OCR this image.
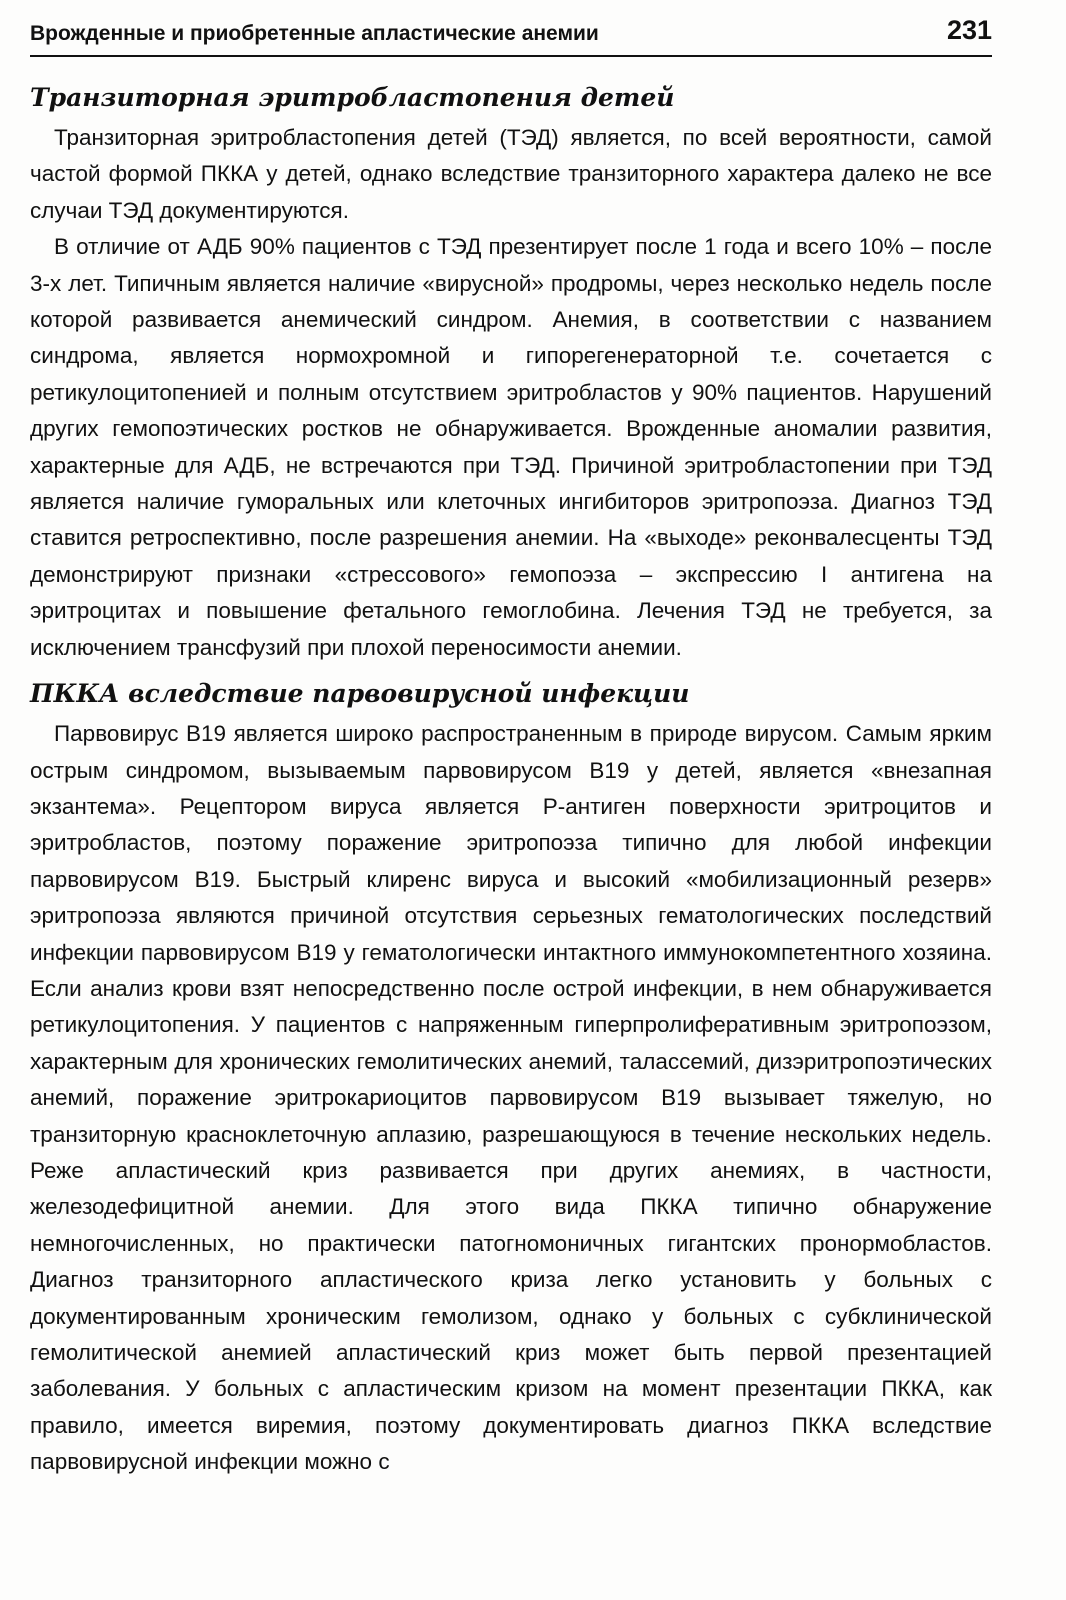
Врожденные и приобретенные апластические анемии	231
Транзиторная эритробластопения детей

Транзиторная эритробластопения детей (ТЭД) является, по всей вероятности, самой частой формой ПККА у детей, однако вследствие транзиторного характера далеко не все случаи ТЭД документируются.

В отличие от АДБ 90% пациентов с ТЭД презентирует после 1 года и всего 10% – после 3-х лет. Типичным является наличие «вирусной» продромы, через несколько недель после которой развивается анемический синдром. Анемия, в соответствии с названием синдрома, является нормохромной и гипорегенераторной т.е. сочетается с ретикулоцитопенией и полным отсутствием эритробластов у 90% пациентов. Нарушений других гемопоэтических ростков не обнаруживается. Врожденные аномалии развития, характерные для АДБ, не встречаются при ТЭД. Причиной эритробластопении при ТЭД является наличие гуморальных или клеточных ингибиторов эритропоэза. Диагноз ТЭД ставится ретроспективно, после разрешения анемии. На «выходе» реконвалесценты ТЭД демонстрируют признаки «стрессового» гемопоэза – экспрессию I антигена на эритроцитах и повышение фетального гемоглобина. Лечения ТЭД не требуется, за исключением трансфузий при плохой переносимости анемии.

ПККА вследствие парвовирусной инфекции

Парвовирус В19 является широко распространенным в природе вирусом. Самым ярким острым синдромом, вызываемым парвовирусом В19 у детей, является «внезапная экзантема». Рецептором вируса является Р-антиген поверхности эритроцитов и эритробластов, поэтому поражение эритропоэза типично для любой инфекции парвовирусом В19. Быстрый клиренс вируса и высокий «мобилизационный резерв» эритропоэза являются причиной отсутствия серьезных гематологических последствий инфекции парвовирусом В19 у гематологически интактного иммунокомпетентного хозяина. Если анализ крови взят непосредственно после острой инфекции, в нем обнаруживается ретикулоцитопения. У пациентов с напряженным гиперпролиферативным эритропоэзом, характерным для хронических гемолитических анемий, талассемий, дизэритропоэтических анемий, поражение эритрокариоцитов парвовирусом В19 вызывает тяжелую, но транзиторную красноклеточную аплазию, разрешающуюся в течение нескольких недель. Реже апластический криз развивается при других анемиях, в частности, железодефицитной анемии. Для этого вида ПККА типично обнаружение немногочисленных, но практически патогномоничных гигантских пронормобластов. Диагноз транзиторного апластического криза легко установить у больных с документированным хроническим гемолизом, однако у больных с субклинической гемолитической анемией апластический криз может быть первой презентацией заболевания. У больных с апластическим кризом на момент презентации ПККА, как правило, имеется виремия, поэтому документировать диагноз ПККА вследствие парвовирусной инфекции можно с
